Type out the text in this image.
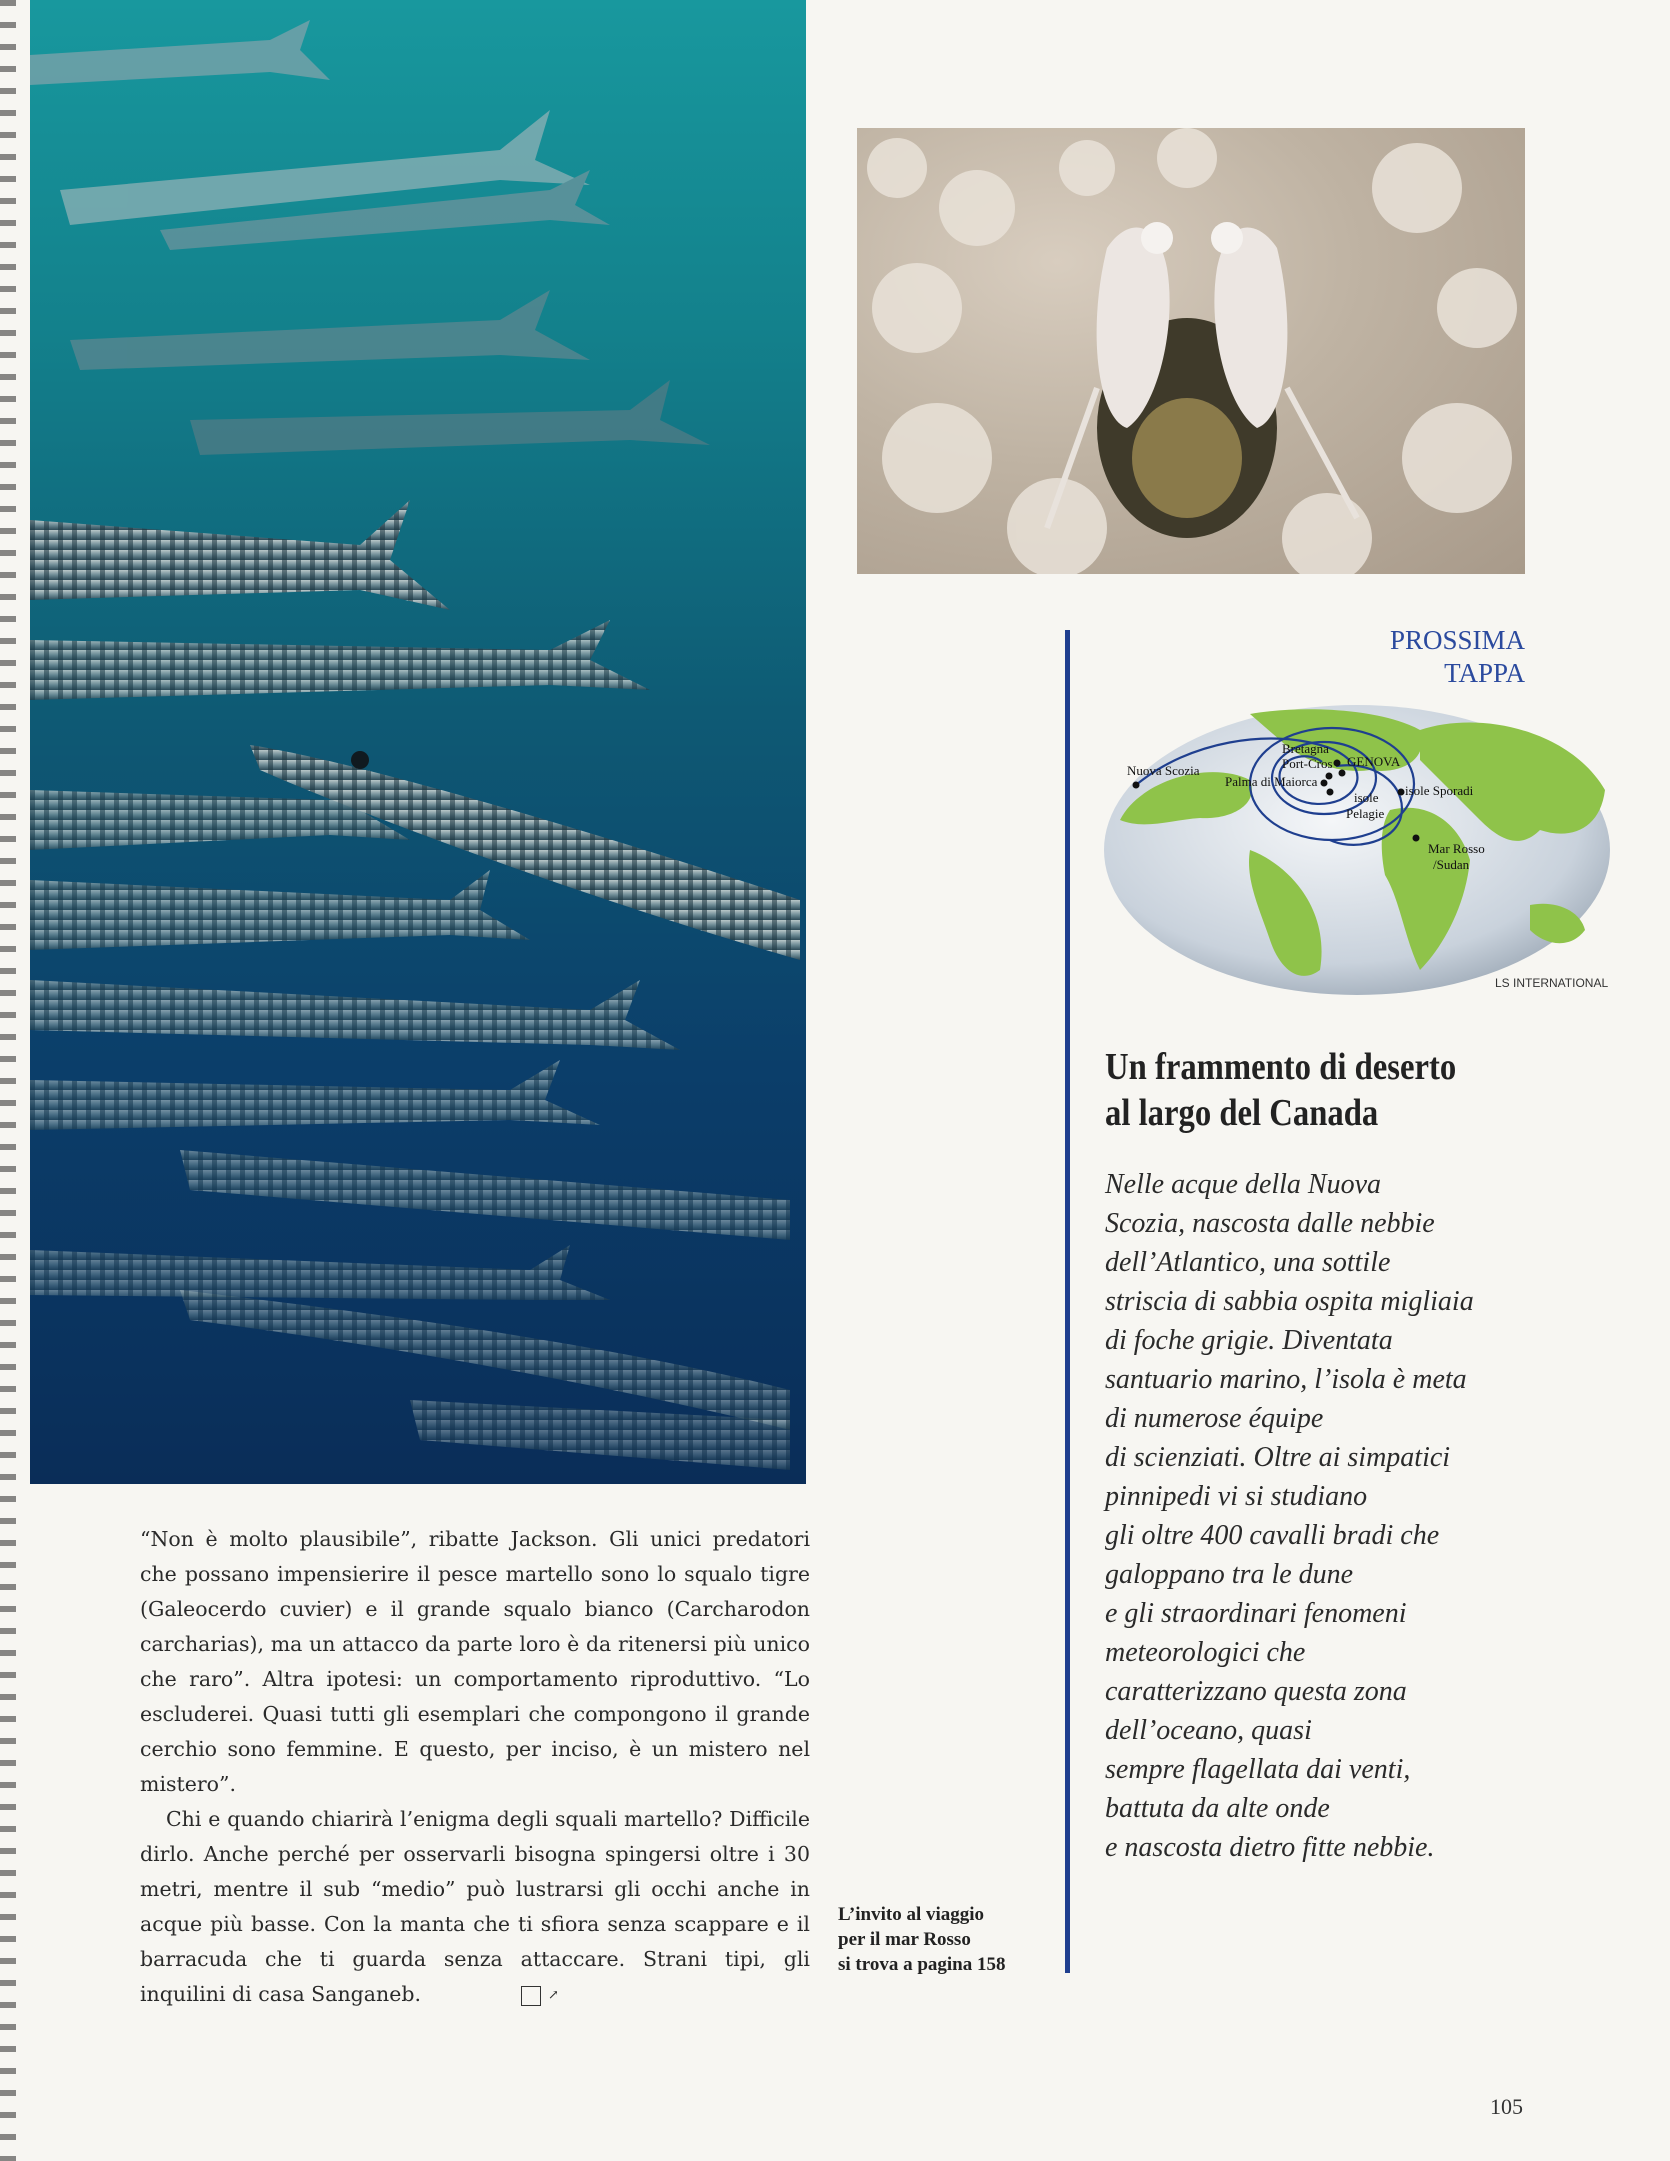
PROSSIMA
TAPPA
Nuova Scozia
Bretagna
Port-Cros GENOVA
Palma di Maiorca
isole
Pelagie
isole Sporadi
Mar Rosso
/Sudan
LS INTERNATIONAL
Un frammento di deserto
al largo del Canada
Nelle acque della Nuova
Scozia, nascosta dalle nebbie
dell’Atlantico, una sottile
striscia di sabbia ospita migliaia
di foche grigie. Diventata
santuario marino, l’isola è meta
di numerose équipe
di scienziati. Oltre ai simpatici
pinnipedi vi si studiano
gli oltre 400 cavalli bradi che
galoppano tra le dune
e gli straordinari fenomeni
meteorologici che
caratterizzano questa zona
dell’oceano, quasi
sempre flagellata dai venti,
battuta da alte onde
e nascosta dietro fitte nebbie.

“Non è molto plausibile”, ribatte Jackson. Gli unici predatori che possano impensierire il pesce martello sono lo squalo tigre (Galeocerdo cuvier) e il grande squalo bianco (Carcharodon carcharias), ma un attacco da parte loro è da ritenersi più unico che raro”. Altra ipotesi: un comportamento riproduttivo. “Lo escluderei. Quasi tutti gli esemplari che compongono il grande cerchio sono femmine. E questo, per inciso, è un mistero nel mistero”.

Chi e quando chiarirà l’enigma degli squali martello? Difficile dirlo. Anche perché per osservarli bisogna spingersi oltre i 30 metri, mentre il sub “medio” può lustrarsi gli occhi anche in acque più basse. Con la manta che ti sfiora senza scappare e il barracuda che ti guarda senza attaccare. Strani tipi, gli inquilini di casa Sanganeb.	↗

L’invito al viaggio
per il mar Rosso
si trova a pagina 158
105
